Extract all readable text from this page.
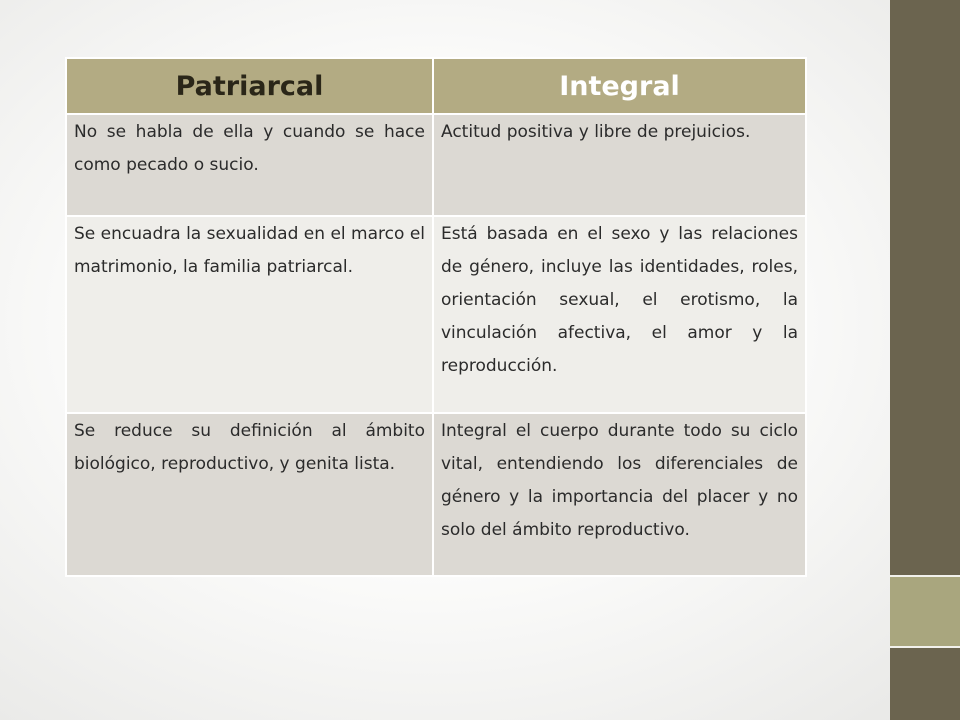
Patriarcal	Integral
No se habla de ella y cuando se hace como pecado o sucio.	Actitud positiva y libre de prejuicios.
Se encuadra la sexualidad en el marco el matrimonio, la familia patriarcal.	Está basada en el sexo y las relaciones de género, incluye las identidades, roles, orientación sexual, el erotismo, la vinculación afectiva, el amor y la reproducción.
Se reduce su definición al ámbito biológico, reproductivo, y genita lista.	Integral el cuerpo durante todo su ciclo vital, entendiendo los diferenciales de género y la importancia del placer y no solo del ámbito reproductivo.
